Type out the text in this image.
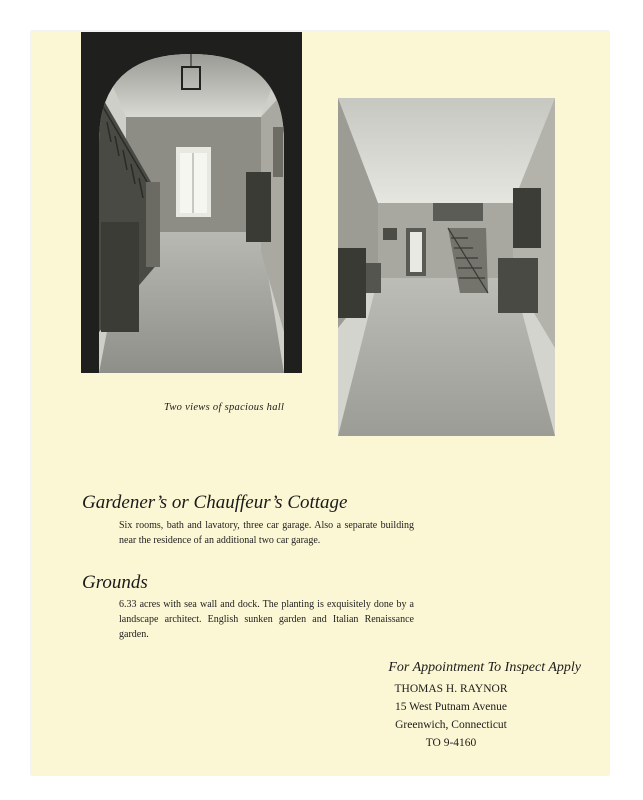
Two views of spacious hall
Gardener’s or Chauffeur’s Cottage
Six rooms, bath and lavatory, three car garage. Also a separate building near the residence of an additional two car garage.
Grounds
6.33 acres with sea wall and dock. The planting is exquisitely done by a landscape architect. English sunken garden and Italian Renaissance garden.
For Appointment To Inspect Apply
THOMAS H. RAYNOR
15 West Putnam Avenue
Greenwich, Connecticut
TO 9-4160
